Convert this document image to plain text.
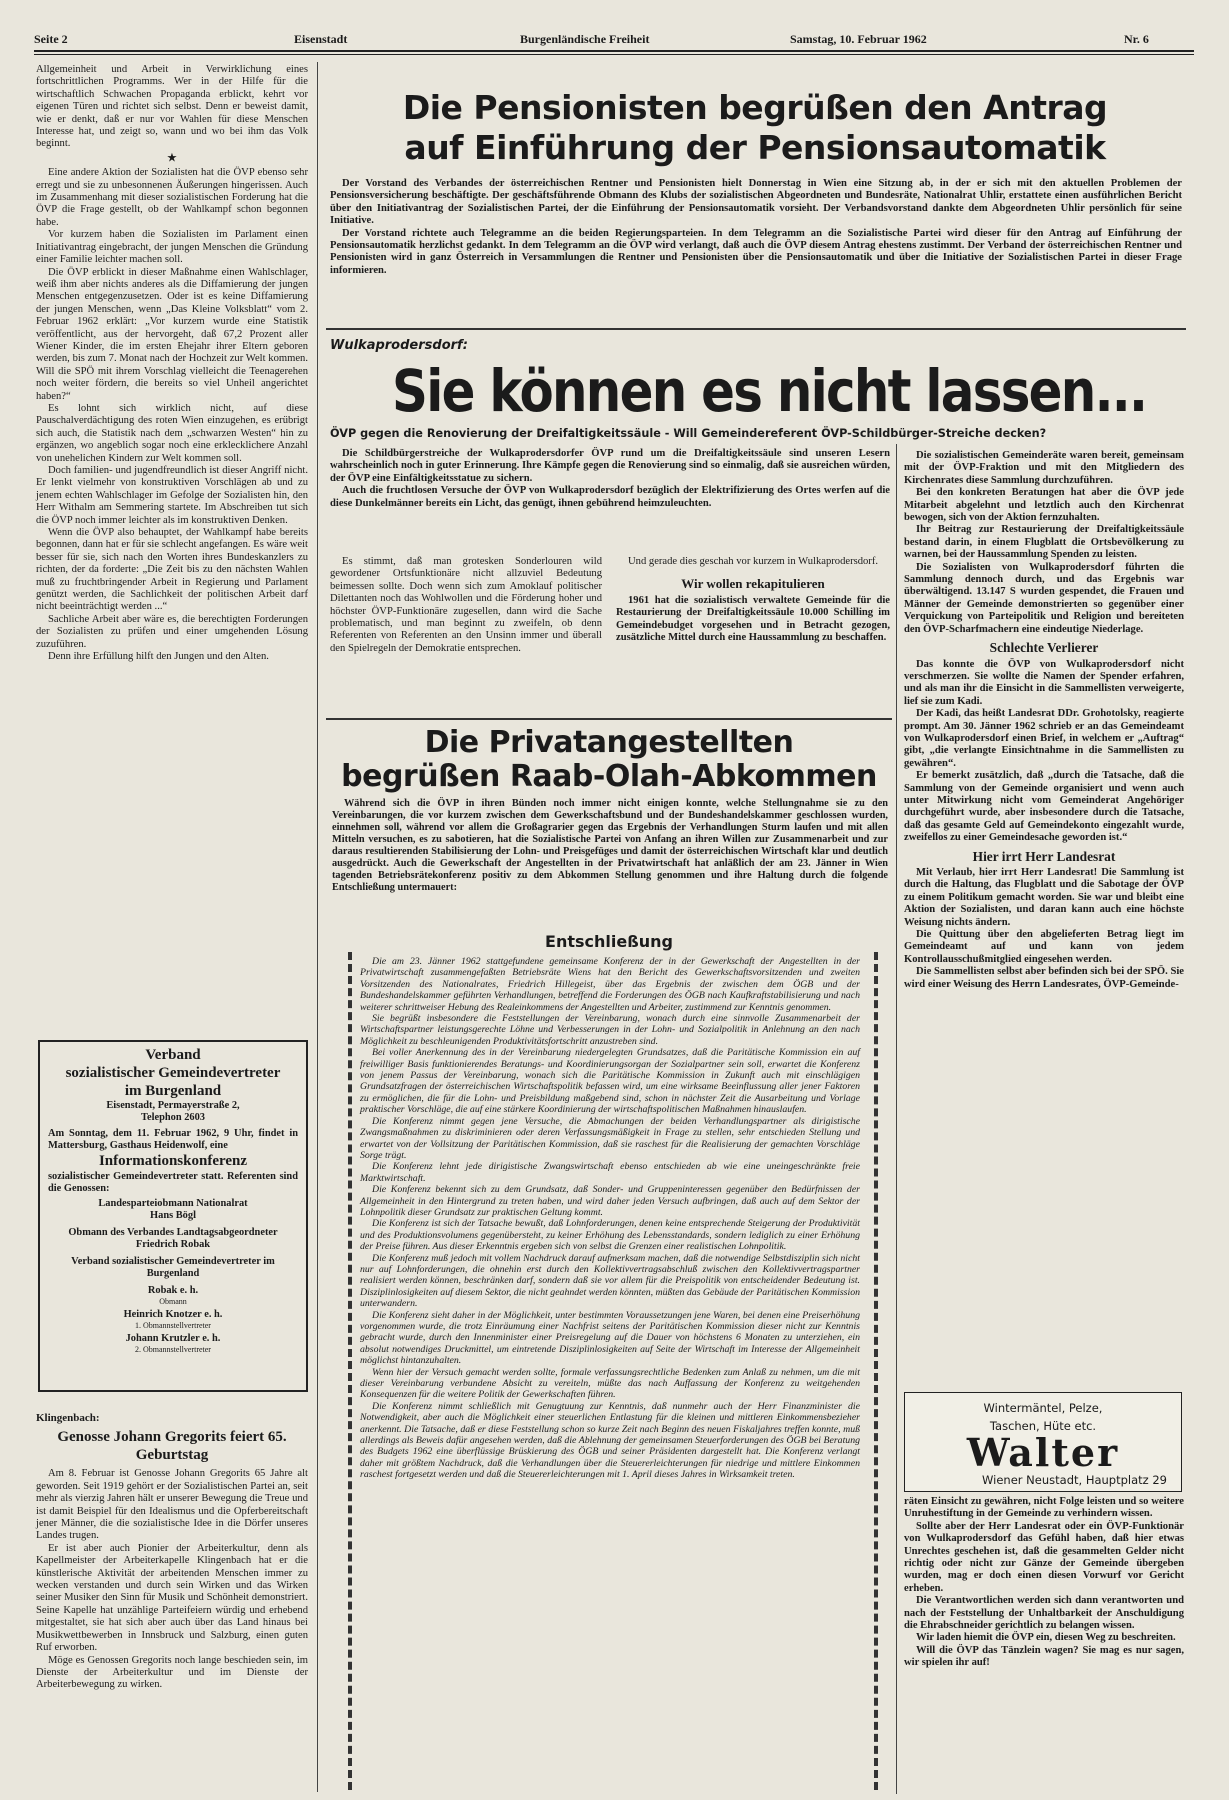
Seite 2	Eisenstadt	Burgenländische Freiheit	Samstag, 10. Februar 1962	Nr. 6

Allgemeinheit und Arbeit in Verwirklichung eines fortschrittlichen Programms. Wer in der Hilfe für die wirtschaftlich Schwachen Propaganda erblickt, kehrt vor eigenen Türen und richtet sich selbst. Denn er beweist damit, wie er denkt, daß er nur vor Wahlen für diese Menschen Interesse hat, und zeigt so, wann und wo bei ihm das Volk beginnt.

★

Eine andere Aktion der Sozialisten hat die ÖVP ebenso sehr erregt und sie zu unbesonnenen Äußerungen hingerissen. Auch im Zusammenhang mit dieser sozialistischen Forderung hat die ÖVP die Frage gestellt, ob der Wahlkampf schon begonnen habe.

Vor kurzem haben die Sozialisten im Parlament einen Initiativantrag eingebracht, der jungen Menschen die Gründung einer Familie leichter machen soll.

Die ÖVP erblickt in dieser Maßnahme einen Wahlschlager, weiß ihm aber nichts anderes als die Diffamierung der jungen Menschen entgegenzusetzen. Oder ist es keine Diffamierung der jungen Menschen, wenn „Das Kleine Volksblatt“ vom 2. Februar 1962 erklärt: „Vor kurzem wurde eine Statistik veröffentlicht, aus der hervorgeht, daß 67,2 Prozent aller Wiener Kinder, die im ersten Ehejahr ihrer Eltern geboren werden, bis zum 7. Monat nach der Hochzeit zur Welt kommen. Will die SPÖ mit ihrem Vorschlag vielleicht die Teenagerehen noch weiter fördern, die bereits so viel Unheil angerichtet haben?“

Es lohnt sich wirklich nicht, auf diese Pauschalverdächtigung des roten Wien einzugehen, es erübrigt sich auch, die Statistik nach dem „schwarzen Westen“ hin zu ergänzen, wo angeblich sogar noch eine erklecklichere Anzahl von unehelichen Kindern zur Welt kommen soll.

Doch familien- und jugendfreundlich ist dieser Angriff nicht. Er lenkt vielmehr von konstruktiven Vorschlägen ab und zu jenem echten Wahlschlager im Gefolge der Sozialisten hin, den Herr Withalm am Semmering startete. Im Abschreiben tut sich die ÖVP noch immer leichter als im konstruktiven Denken.

Wenn die ÖVP also behauptet, der Wahlkampf habe bereits begonnen, dann hat er für sie schlecht angefangen. Es wäre weit besser für sie, sich nach den Worten ihres Bundeskanzlers zu richten, der da forderte: „Die Zeit bis zu den nächsten Wahlen muß zu fruchtbringender Arbeit in Regierung und Parlament genützt werden, die Sachlichkeit der politischen Arbeit darf nicht beeinträchtigt werden ...“

Sachliche Arbeit aber wäre es, die berechtigten Forderungen der Sozialisten zu prüfen und einer umgehenden Lösung zuzuführen.

Denn ihre Erfüllung hilft den Jungen und den Alten.

Verband
sozialistischer Gemeindevertreter
im Burgenland
Eisenstadt, Permayerstraße 2,
Telephon 2603
Am Sonntag, dem 11. Februar 1962, 9 Uhr, findet in Mattersburg, Gasthaus Heidenwolf, eine
Informationskonferenz
sozialistischer Gemeindevertreter statt. Referenten sind die Genossen:
Landesparteiobmann Nationalrat
Hans Bögl
Obmann des Verbandes Landtagsabgeordneter Friedrich Robak
Verband sozialistischer Gemeindevertreter im Burgenland
Robak e. h.
Obmann
Heinrich Knotzer e. h.
1. Obmannstellvertreter
Johann Krutzler e. h.
2. Obmannstellvertreter
Klingenbach:
Genosse Johann Gregorits feiert 65. Geburtstag

Am 8. Februar ist Genosse Johann Gregorits 65 Jahre alt geworden. Seit 1919 gehört er der Sozialistischen Partei an, seit mehr als vierzig Jahren hält er unserer Bewegung die Treue und ist damit Beispiel für den Idealismus und die Opferbereitschaft jener Männer, die die sozialistische Idee in die Dörfer unseres Landes trugen.

Er ist aber auch Pionier der Arbeiterkultur, denn als Kapellmeister der Arbeiterkapelle Klingenbach hat er die künstlerische Aktivität der arbeitenden Menschen immer zu wecken verstanden und durch sein Wirken und das Wirken seiner Musiker den Sinn für Musik und Schönheit demonstriert. Seine Kapelle hat unzählige Parteifeiern würdig und erhebend mitgestaltet, sie hat sich aber auch über das Land hinaus bei Musikwettbewerben in Innsbruck und Salzburg, einen guten Ruf erworben.

Möge es Genossen Gregorits noch lange beschieden sein, im Dienste der Arbeiterkultur und im Dienste der Arbeiterbewegung zu wirken.

Die Pensionisten begrüßen den Antrag
auf Einführung der Pensionsautomatik

Der Vorstand des Verbandes der österreichischen Rentner und Pensionisten hielt Donnerstag in Wien eine Sitzung ab, in der er sich mit den aktuellen Problemen der Pensionsversicherung beschäftigte. Der geschäftsführende Obmann des Klubs der sozialistischen Abgeordneten und Bundesräte, Nationalrat Uhlir, erstattete einen ausführlichen Bericht über den Initiativantrag der Sozialistischen Partei, der die Einführung der Pensionsautomatik vorsieht. Der Verbandsvorstand dankte dem Abgeordneten Uhlir persönlich für seine Initiative.

Der Vorstand richtete auch Telegramme an die beiden Regierungsparteien. In dem Telegramm an die Sozialistische Partei wird dieser für den Antrag auf Einführung der Pensionsautomatik herzlichst gedankt. In dem Telegramm an die ÖVP wird verlangt, daß auch die ÖVP diesem Antrag ehestens zustimmt. Der Verband der österreichischen Rentner und Pensionisten wird in ganz Österreich in Versammlungen die Rentner und Pensionisten über die Pensionsautomatik und über die Initiative der Sozialistischen Partei in dieser Frage informieren.

Wulkaprodersdorf:
Sie können es nicht lassen...
ÖVP gegen die Renovierung der Dreifaltigkeitssäule - Will Gemeindereferent ÖVP-Schildbürger-Streiche decken?

Die Schildbürgerstreiche der Wulkaprodersdorfer ÖVP rund um die Dreifaltigkeitssäule sind unseren Lesern wahrscheinlich noch in guter Erinnerung. Ihre Kämpfe gegen die Renovierung sind so einmalig, daß sie ausreichen würden, der ÖVP eine Einfältigkeitsstatue zu sichern.

Auch die fruchtlosen Versuche der ÖVP von Wulkaprodersdorf bezüglich der Elektrifizierung des Ortes werfen auf die diese Dunkelmänner bereits ein Licht, das genügt, ihnen gebührend heimzuleuchten.

Es stimmt, daß man grotesken Sonderlouren wild gewordener Ortsfunktionäre nicht allzuviel Bedeutung beimessen sollte. Doch wenn sich zum Amoklauf politischer Dilettanten noch das Wohlwollen und die Förderung hoher und höchster ÖVP-Funktionäre zugesellen, dann wird die Sache problematisch, und man beginnt zu zweifeln, ob denn Referenten von Referenten an den Unsinn immer und überall den Spielregeln der Demokratie entsprechen.

Und gerade dies geschah vor kurzem in Wulkaprodersdorf.

Wir wollen rekapitulieren

1961 hat die sozialistisch verwaltete Gemeinde für die Restaurierung der Dreifaltigkeitssäule 10.000 Schilling im Gemeindebudget vorgesehen und in Betracht gezogen, zusätzliche Mittel durch eine Haussammlung zu beschaffen.

Die sozialistischen Gemeinderäte waren bereit, gemeinsam mit der ÖVP-Fraktion und mit den Mitgliedern des Kirchenrates diese Sammlung durchzuführen.

Bei den konkreten Beratungen hat aber die ÖVP jede Mitarbeit abgelehnt und letztlich auch den Kirchenrat bewogen, sich von der Aktion fernzuhalten.

Ihr Beitrag zur Restaurierung der Dreifaltigkeitssäule bestand darin, in einem Flugblatt die Ortsbevölkerung zu warnen, bei der Haussammlung Spenden zu leisten.

Die Sozialisten von Wulkaprodersdorf führten die Sammlung dennoch durch, und das Ergebnis war überwältigend. 13.147 S wurden gespendet, die Frauen und Männer der Gemeinde demonstrierten so gegenüber einer Verquickung von Parteipolitik und Religion und bereiteten den ÖVP-Scharfmachern eine eindeutige Niederlage.

Schlechte Verlierer

Das konnte die ÖVP von Wulkaprodersdorf nicht verschmerzen. Sie wollte die Namen der Spender erfahren, und als man ihr die Einsicht in die Sammellisten verweigerte, lief sie zum Kadi.

Der Kadi, das heißt Landesrat DDr. Grohotolsky, reagierte prompt. Am 30. Jänner 1962 schrieb er an das Gemeindeamt von Wulkaprodersdorf einen Brief, in welchem er „Auftrag“ gibt, „die verlangte Einsichtnahme in die Sammellisten zu gewähren“.

Er bemerkt zusätzlich, daß „durch die Tatsache, daß die Sammlung von der Gemeinde organisiert und wenn auch unter Mitwirkung nicht vom Gemeinderat Angehöriger durchgeführt wurde, aber insbesondere durch die Tatsache, daß das gesamte Geld auf Gemeindekonto eingezahlt wurde, zweifellos zu einer Gemeindesache geworden ist.“

Hier irrt Herr Landesrat

Mit Verlaub, hier irrt Herr Landesrat! Die Sammlung ist durch die Haltung, das Flugblatt und die Sabotage der ÖVP zu einem Politikum gemacht worden. Sie war und bleibt eine Aktion der Sozialisten, und daran kann auch eine höchste Weisung nichts ändern.

Die Quittung über den abgelieferten Betrag liegt im Gemeindeamt auf und kann von jedem Kontrollausschußmitglied eingesehen werden.

Die Sammellisten selbst aber befinden sich bei der SPÖ. Sie wird einer Weisung des Herrn Landesrates, ÖVP-Gemeinde-

Wintermäntel, Pelze,
Taschen, Hüte etc.
Walter
Wiener Neustadt, Hauptplatz 29

räten Einsicht zu gewähren, nicht Folge leisten und so weitere Unruhestiftung in der Gemeinde zu verhindern wissen.

Sollte aber der Herr Landesrat oder ein ÖVP-Funktionär von Wulkaprodersdorf das Gefühl haben, daß hier etwas Unrechtes geschehen ist, daß die gesammelten Gelder nicht richtig oder nicht zur Gänze der Gemeinde übergeben wurden, mag er doch einen diesen Vorwurf vor Gericht erheben.

Die Verantwortlichen werden sich dann verantworten und nach der Feststellung der Unhaltbarkeit der Anschuldigung die Ehrabschneider gerichtlich zu belangen wissen.

Wir laden hiemit die ÖVP ein, diesen Weg zu beschreiten.

Will die ÖVP das Tänzlein wagen? Sie mag es nur sagen, wir spielen ihr auf!

Die Privatangestellten
begrüßen Raab-Olah-Abkommen

Während sich die ÖVP in ihren Bünden noch immer nicht einigen konnte, welche Stellungnahme sie zu den Vereinbarungen, die vor kurzem zwischen dem Gewerkschaftsbund und der Bundeshandelskammer geschlossen wurden, einnehmen soll, während vor allem die Großagrarier gegen das Ergebnis der Verhandlungen Sturm laufen und mit allen Mitteln versuchen, es zu sabotieren, hat die Sozialistische Partei von Anfang an ihren Willen zur Zusammenarbeit und zur daraus resultierenden Stabilisierung der Lohn- und Preisgefüges und damit der österreichischen Wirtschaft klar und deutlich ausgedrückt. Auch die Gewerkschaft der Angestellten in der Privatwirtschaft hat anläßlich der am 23. Jänner in Wien tagenden Betriebsrätekonferenz positiv zu dem Abkommen Stellung genommen und ihre Haltung durch die folgende Entschließung untermauert:

Entschließung

Die am 23. Jänner 1962 stattgefundene gemeinsame Konferenz der in der Gewerkschaft der Angestellten in der Privatwirtschaft zusammengefaßten Betriebsräte Wiens hat den Bericht des Gewerkschaftsvorsitzenden und zweiten Vorsitzenden des Nationalrates, Friedrich Hillegeist, über das Ergebnis der zwischen dem ÖGB und der Bundeshandelskammer geführten Verhandlungen, betreffend die Forderungen des ÖGB nach Kaufkraftstabilisierung und nach weiterer schrittweiser Hebung des Realeinkommens der Angestellten und Arbeiter, zustimmend zur Kenntnis genommen.

Sie begrüßt insbesondere die Feststellungen der Vereinbarung, wonach durch eine sinnvolle Zusammenarbeit der Wirtschaftspartner leistungsgerechte Löhne und Verbesserungen in der Lohn- und Sozialpolitik in Anlehnung an den nach Möglichkeit zu beschleunigenden Produktivitätsfortschritt anzustreben sind.

Bei voller Anerkennung des in der Vereinbarung niedergelegten Grundsatzes, daß die Paritätische Kommission ein auf freiwilliger Basis funktionierendes Beratungs- und Koordinierungsorgan der Sozialpartner sein soll, erwartet die Konferenz von jenem Passus der Vereinbarung, wonach sich die Paritätische Kommission in Zukunft auch mit einschlägigen Grundsatzfragen der österreichischen Wirtschaftspolitik befassen wird, um eine wirksame Beeinflussung aller jener Faktoren zu ermöglichen, die für die Lohn- und Preisbildung maßgebend sind, schon in nächster Zeit die Ausarbeitung und Vorlage praktischer Vorschläge, die auf eine stärkere Koordinierung der wirtschaftspolitischen Maßnahmen hinauslaufen.

Die Konferenz nimmt gegen jene Versuche, die Abmachungen der beiden Verhandlungspartner als dirigistische Zwangsmaßnahmen zu diskriminieren oder deren Verfassungsmäßigkeit in Frage zu stellen, sehr entschieden Stellung und erwartet von der Vollsitzung der Paritätischen Kommission, daß sie raschest für die Realisierung der gemachten Vorschläge Sorge trägt.

Die Konferenz lehnt jede dirigistische Zwangswirtschaft ebenso entschieden ab wie eine uneingeschränkte freie Marktwirtschaft.

Die Konferenz bekennt sich zu dem Grundsatz, daß Sonder- und Gruppeninteressen gegenüber den Bedürfnissen der Allgemeinheit in den Hintergrund zu treten haben, und wird daher jeden Versuch aufbringen, daß auch auf dem Sektor der Lohnpolitik dieser Grundsatz zur praktischen Geltung kommt.

Die Konferenz ist sich der Tatsache bewußt, daß Lohnforderungen, denen keine entsprechende Steigerung der Produktivität und des Produktionsvolumens gegenübersteht, zu keiner Erhöhung des Lebensstandards, sondern lediglich zu einer Erhöhung der Preise führen. Aus dieser Erkenntnis ergeben sich von selbst die Grenzen einer realistischen Lohnpolitik.

Die Konferenz muß jedoch mit vollem Nachdruck darauf aufmerksam machen, daß die notwendige Selbstdisziplin sich nicht nur auf Lohnforderungen, die ohnehin erst durch den Kollektivvertragsabschluß zwischen den Kollektivvertragspartner realisiert werden können, beschränken darf, sondern daß sie vor allem für die Preispolitik von entscheidender Bedeutung ist. Disziplinlosigkeiten auf diesem Sektor, die nicht geahndet werden könnten, müßten das Gebäude der Paritätischen Kommission unterwandern.

Die Konferenz sieht daher in der Möglichkeit, unter bestimmten Voraussetzungen jene Waren, bei denen eine Preiserhöhung vorgenommen wurde, die trotz Einräumung einer Nachfrist seitens der Paritätischen Kommission dieser nicht zur Kenntnis gebracht wurde, durch den Innenminister einer Preisregelung auf die Dauer von höchstens 6 Monaten zu unterziehen, ein absolut notwendiges Druckmittel, um eintretende Disziplinlosigkeiten auf Seite der Wirtschaft im Interesse der Allgemeinheit möglichst hintanzuhalten.

Wenn hier der Versuch gemacht werden sollte, formale verfassungsrechtliche Bedenken zum Anlaß zu nehmen, um die mit dieser Vereinbarung verbundene Absicht zu vereiteln, müßte das nach Auffassung der Konferenz zu weitgehenden Konsequenzen für die weitere Politik der Gewerkschaften führen.

Die Konferenz nimmt schließlich mit Genugtuung zur Kenntnis, daß nunmehr auch der Herr Finanzminister die Notwendigkeit, aber auch die Möglichkeit einer steuerlichen Entlastung für die kleinen und mittleren Einkommensbezieher anerkennt. Die Tatsache, daß er diese Feststellung schon so kurze Zeit nach Beginn des neuen Fiskaljahres treffen konnte, muß allerdings als Beweis dafür angesehen werden, daß die Ablehnung der gemeinsamen Steuerforderungen des ÖGB bei Beratung des Budgets 1962 eine überflüssige Brüskierung des ÖGB und seiner Präsidenten dargestellt hat. Die Konferenz verlangt daher mit größtem Nachdruck, daß die Verhandlungen über die Steuererleichterungen für niedrige und mittlere Einkommen raschest fortgesetzt werden und daß die Steuererleichterungen mit 1. April dieses Jahres in Wirksamkeit treten.
